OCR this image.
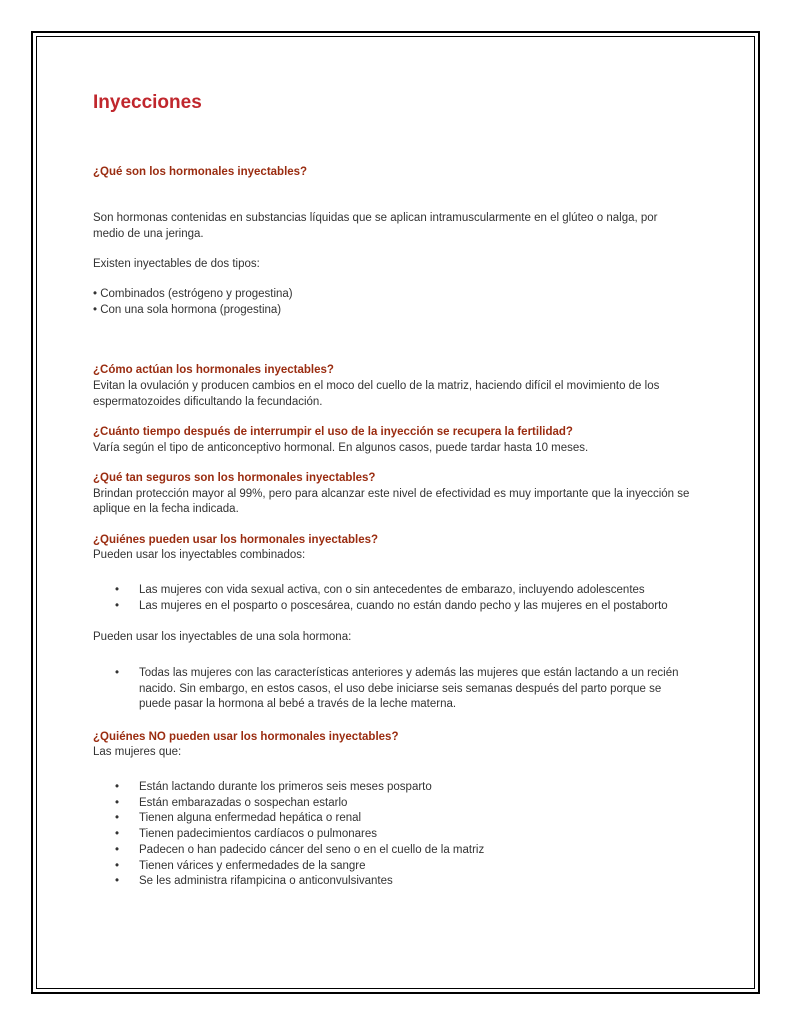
Inyecciones

¿Qué son los hormonales inyectables?

Son hormonas contenidas en substancias líquidas que se aplican intramuscularmente en el glúteo o nalga, por

medio de una jeringa.

Existen inyectables de dos tipos:

• Combinados (estrógeno y progestina)

• Con una sola hormona (progestina)

¿Cómo actúan los hormonales inyectables?

Evitan la ovulación y producen cambios en el moco del cuello de la matriz, haciendo difícil el movimiento de los

espermatozoides dificultando la fecundación.

¿Cuánto tiempo después de interrumpir el uso de la inyección se recupera la fertilidad?

Varía según el tipo de anticonceptivo hormonal. En algunos casos, puede tardar hasta 10 meses.

¿Qué tan seguros son los hormonales inyectables?

Brindan protección mayor al 99%, pero para alcanzar este nivel de efectividad es muy importante que la inyección se

aplique en la fecha indicada.

¿Quiénes pueden usar los hormonales inyectables?

Pueden usar los inyectables combinados:

• Las mujeres con vida sexual activa, con o sin antecedentes de embarazo, incluyendo adolescentes
• Las mujeres en el posparto o poscesárea, cuando no están dando pecho y las mujeres en el postaborto

Pueden usar los inyectables de una sola hormona:

• Todas las mujeres con las características anteriores y además las mujeres que están lactando a un recién
nacido. Sin embargo, en estos casos, el uso debe iniciarse seis semanas después del parto porque se
puede pasar la hormona al bebé a través de la leche materna.

¿Quiénes NO pueden usar los hormonales inyectables?

Las mujeres que:

• Están lactando durante los primeros seis meses posparto
• Están embarazadas o sospechan estarlo
• Tienen alguna enfermedad hepática o renal
• Tienen padecimientos cardíacos o pulmonares
• Padecen o han padecido cáncer del seno o en el cuello de la matriz
• Tienen várices y enfermedades de la sangre
• Se les administra rifampicina o anticonvulsivantes
